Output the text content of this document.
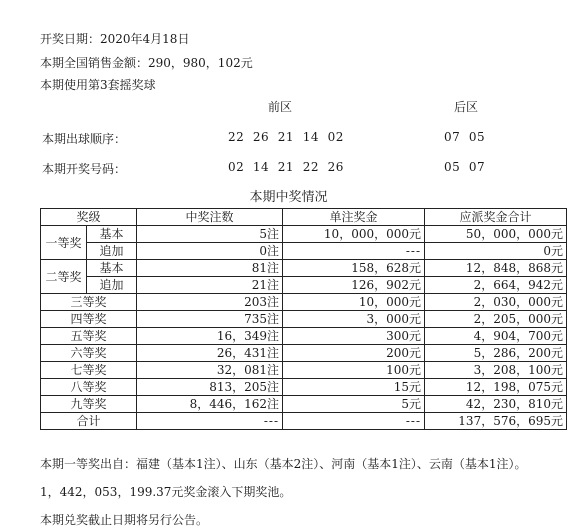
开奖日期：2020年4月18日
本期全国销售金额：290，980，102元
本期使用第3套摇奖球
前区	后区
本期出球顺序：	22  26  21  14  02	07  05
本期开奖号码：	02  14  21  22  26	05  07
本期中奖情况
奖级		中奖注数	单注奖金	应派奖金合计
一等奖	基本	5注	10，000，000元	50，000，000元
	追加	0注	---	0元
二等奖	基本	81注	158，628元	12，848，868元
	追加	21注	126，902元	2，664，942元
三等奖		203注	10，000元	2，030，000元
四等奖		735注	3，000元	2，205，000元
五等奖		16，349注	300元	4，904，700元
六等奖		26，431注	200元	5，286，200元
七等奖		32，081注	100元	3，208，100元
八等奖		813，205注	15元	12，198，075元
九等奖		8，446，162注	5元	42，230，810元
合计		---	---	137，576，695元
本期一等奖出自：福建（基本1注）、山东（基本2注）、河南（基本1注）、云南（基本1注）。
1，442，053，199.37元奖金滚入下期奖池。
本期兑奖截止日期将另行公告。
